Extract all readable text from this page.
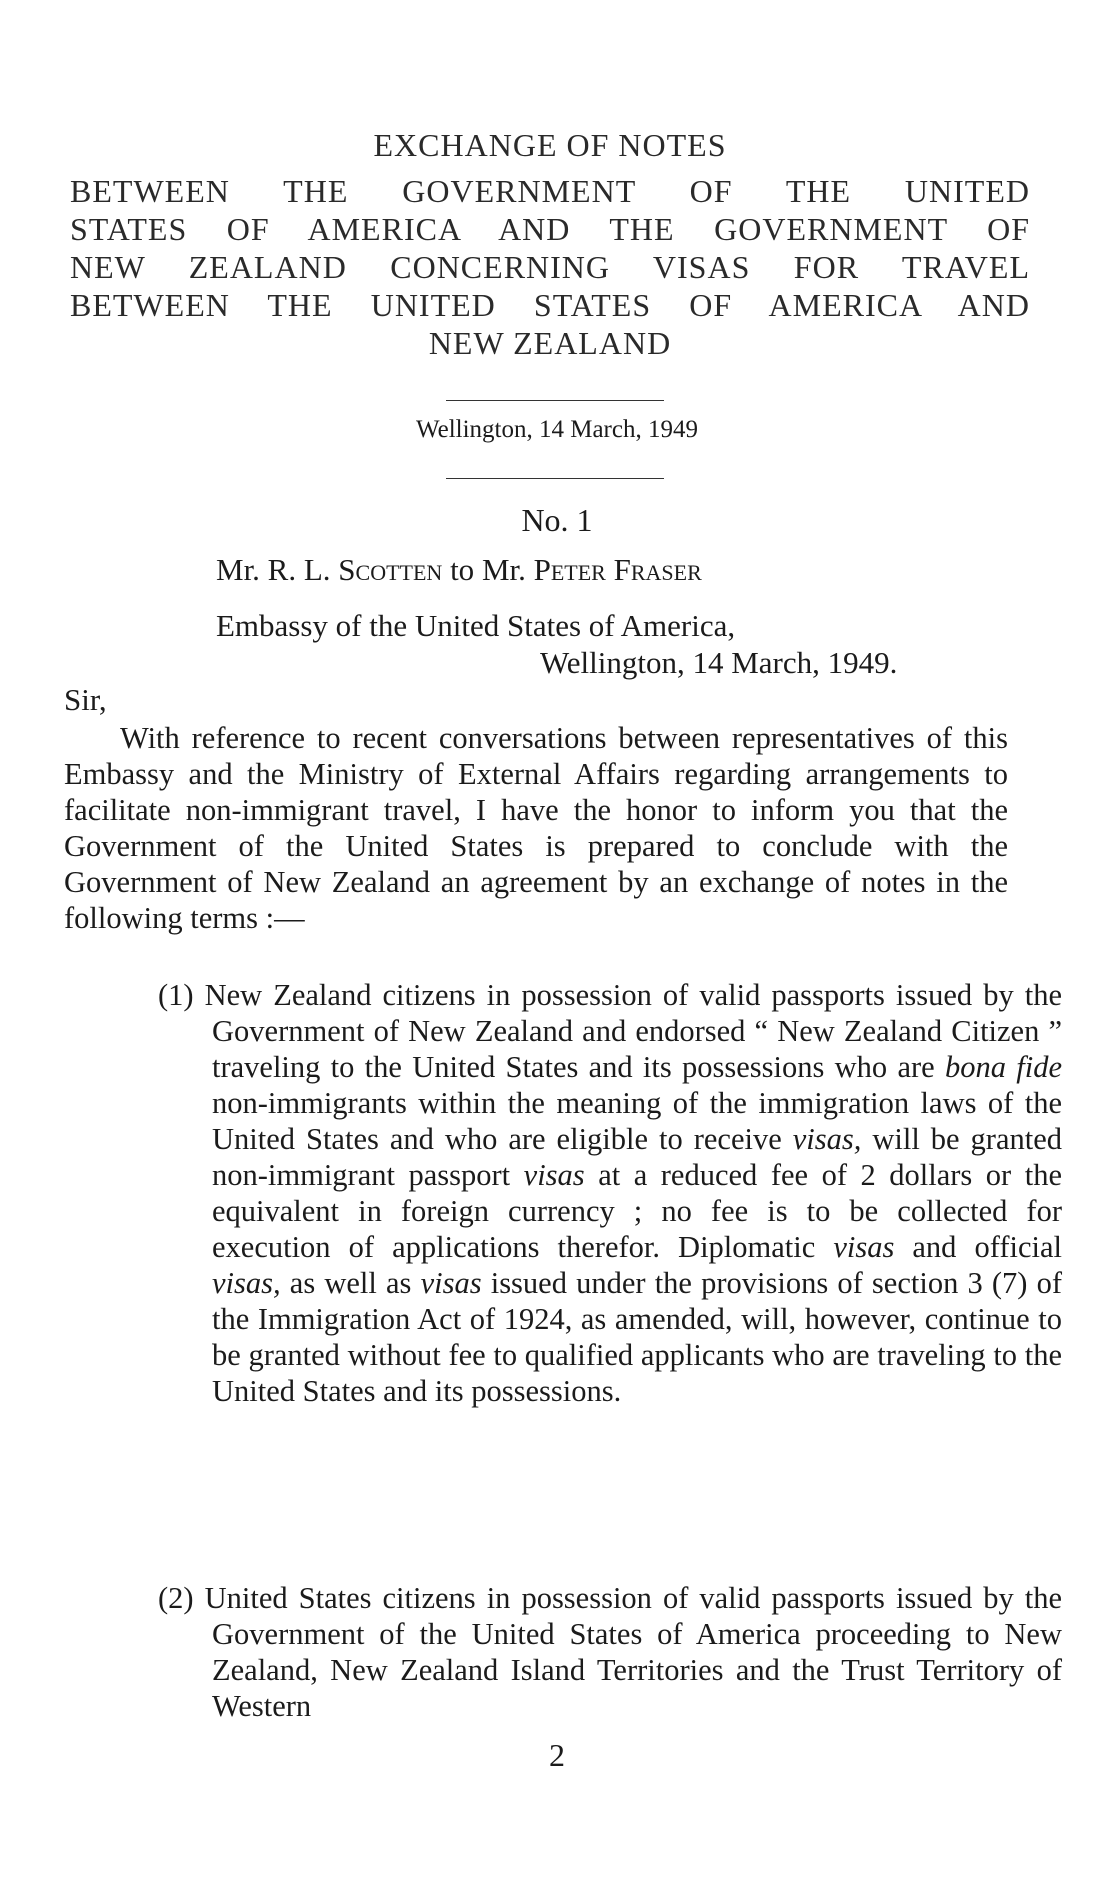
EXCHANGE OF NOTES
BETWEEN THE GOVERNMENT OF THE UNITED
STATES OF AMERICA AND THE GOVERNMENT OF
NEW ZEALAND CONCERNING VISAS FOR TRAVEL
BETWEEN THE UNITED STATES OF AMERICA AND
NEW ZEALAND
Wellington, 14 March, 1949
No. 1
Mr. R. L. Scotten to Mr. Peter Fraser
Embassy of the United States of America,
Wellington, 14 March, 1949.
Sir,
With reference to recent conversations between representatives of this Embassy and the Ministry of External Affairs regarding arrangements to facilitate non-immigrant travel, I have the honor to inform you that the Government of the United States is prepared to conclude with the Government of New Zealand an agreement by an exchange of notes in the following terms :—
(1) New Zealand citizens in possession of valid passports issued by the Government of New Zealand and endorsed “ New Zealand Citizen ” traveling to the United States and its possessions who are bona fide non-immigrants within the meaning of the immigration laws of the United States and who are eligible to receive visas, will be granted non-immigrant passport visas at a reduced fee of 2 dollars or the equivalent in foreign currency ; no fee is to be collected for execution of applications therefor. Diplomatic visas and official visas, as well as visas issued under the provisions of section 3 (7) of the Immigration Act of 1924, as amended, will, however, continue to be granted without fee to qualified applicants who are traveling to the United States and its possessions.
(2) United States citizens in possession of valid passports issued by the Government of the United States of America proceeding to New Zealand, New Zealand Island Territories and the Trust Territory of Western
2
